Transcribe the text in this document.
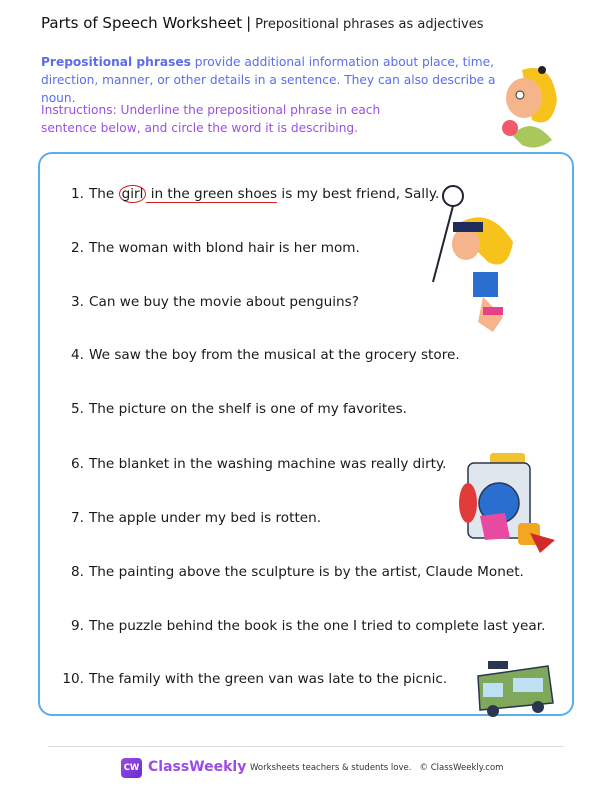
Parts of Speech Worksheet | Prepositional phrases as adjectives
Prepositional phrases provide additional information about place, time, direction, manner, or other details in a sentence. They can also describe a noun.
Instructions: Underline the prepositional phrase in each sentence below, and circle the word it is describing.
1. The girl in the green shoes is my best friend, Sally.
2. The woman with blond hair is her mom.
3. Can we buy the movie about penguins?
4. We saw the boy from the musical at the grocery store.
5. The picture on the shelf is one of my favorites.
6. The blanket in the washing machine was really dirty.
7. The apple under my bed is rotten.
8. The painting above the sculpture is by the artist, Claude Monet.
9. The puzzle behind the book is the one I tried to complete last year.
10. The family with the green van was late to the picnic.
CW ClassWeekly Worksheets teachers & students love. © ClassWeekly.com
